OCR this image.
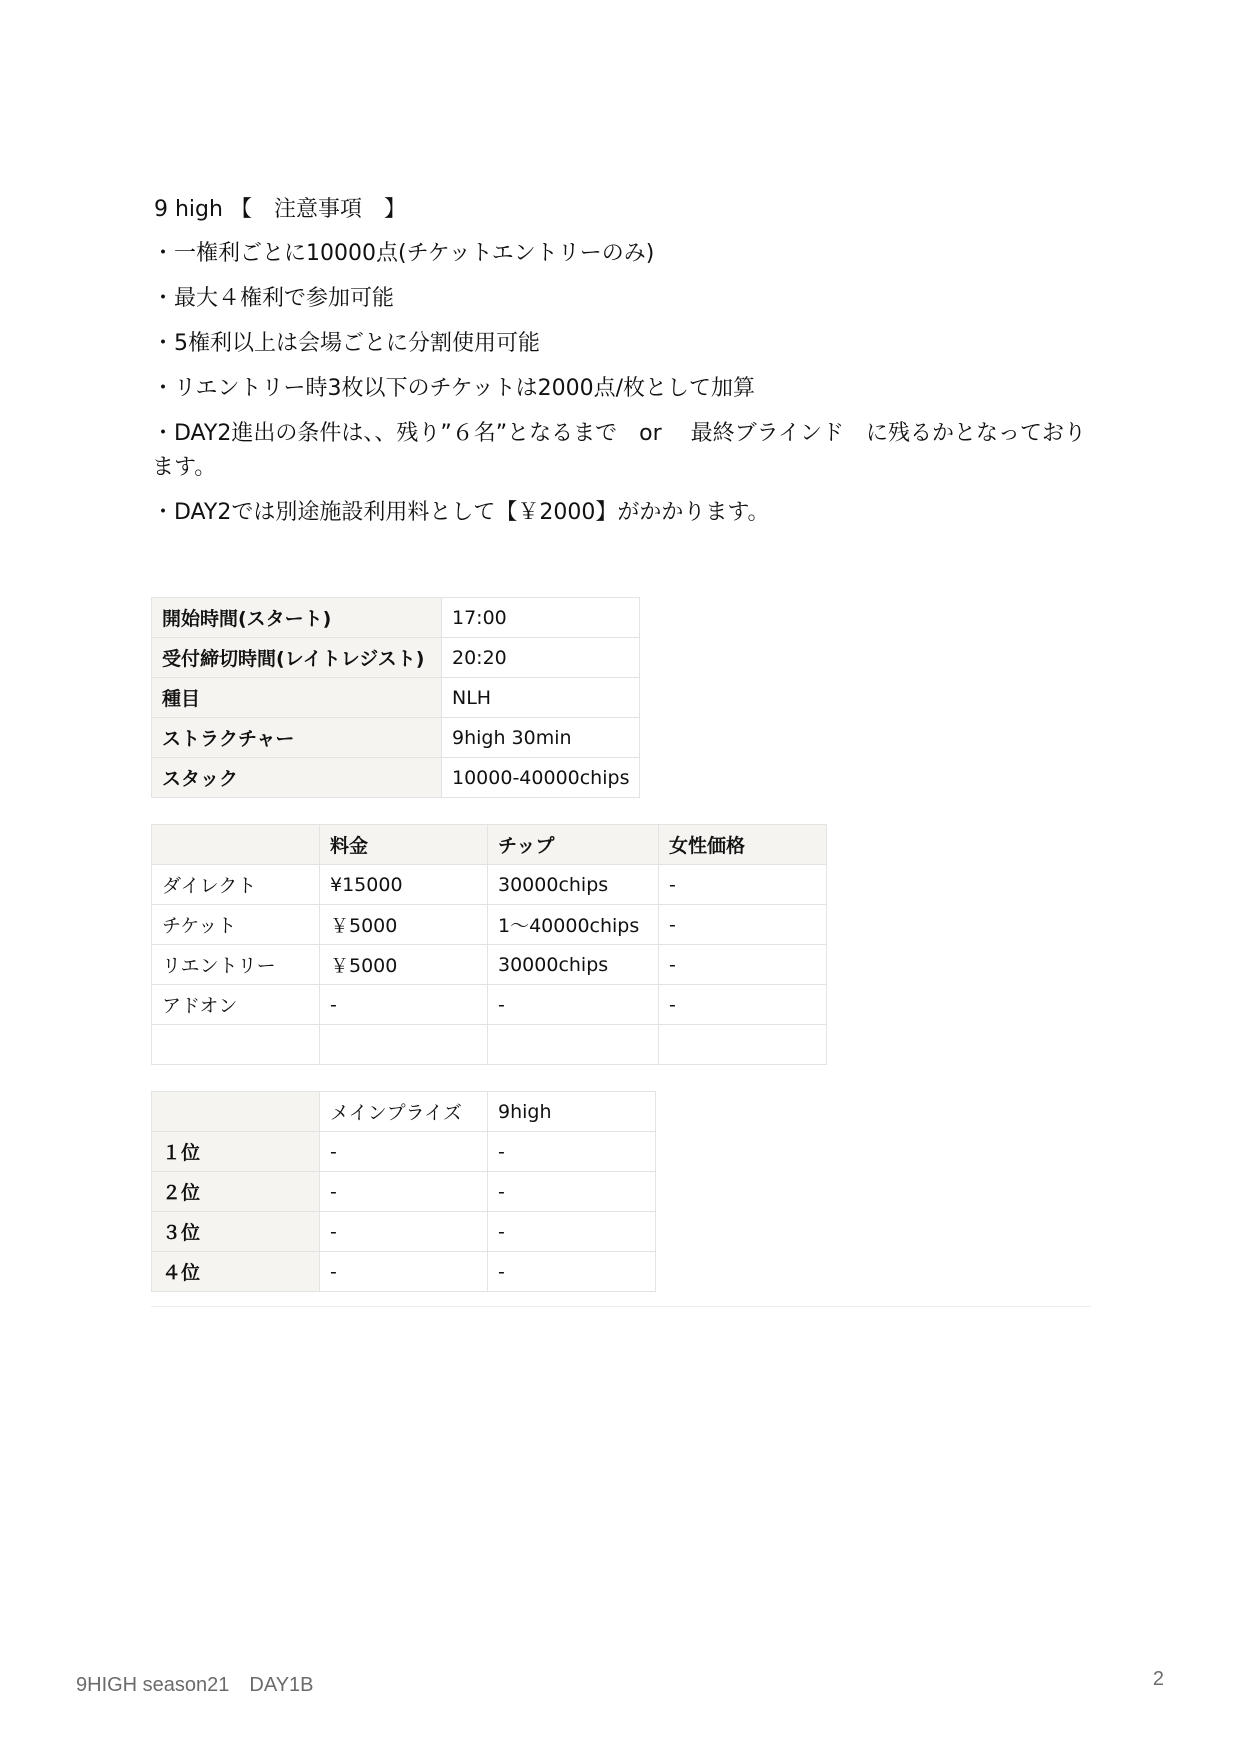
9 high 【　注意事項　】
・一権利ごとに10000点(チケットエントリーのみ)
・最大４権利で参加可能
・5権利以上は会場ごとに分割使用可能
・リエントリー時3枚以下のチケットは2000点/枚として加算
・DAY2進出の条件は、、残り”６名”となるまで　or　 最終ブラインド　に残るかとなっております。
・DAY2では別途施設利用料として【￥2000】がかかります。
開始時間(スタート)	17:00
受付締切時間(レイトレジスト)	20:20
種目	NLH
ストラクチャー	9high 30min
スタック	10000-40000chips
	料金	チップ	女性価格
ダイレクト	¥15000	30000chips	-
チケット	￥5000	1〜40000chips	-
リエントリー	￥5000	30000chips	-
アドオン	-	-	-

	メインプライズ	9high
１位	-	-
２位	-	-
３位	-	-
４位	-	-
9HIGH season21　DAY1B	2
